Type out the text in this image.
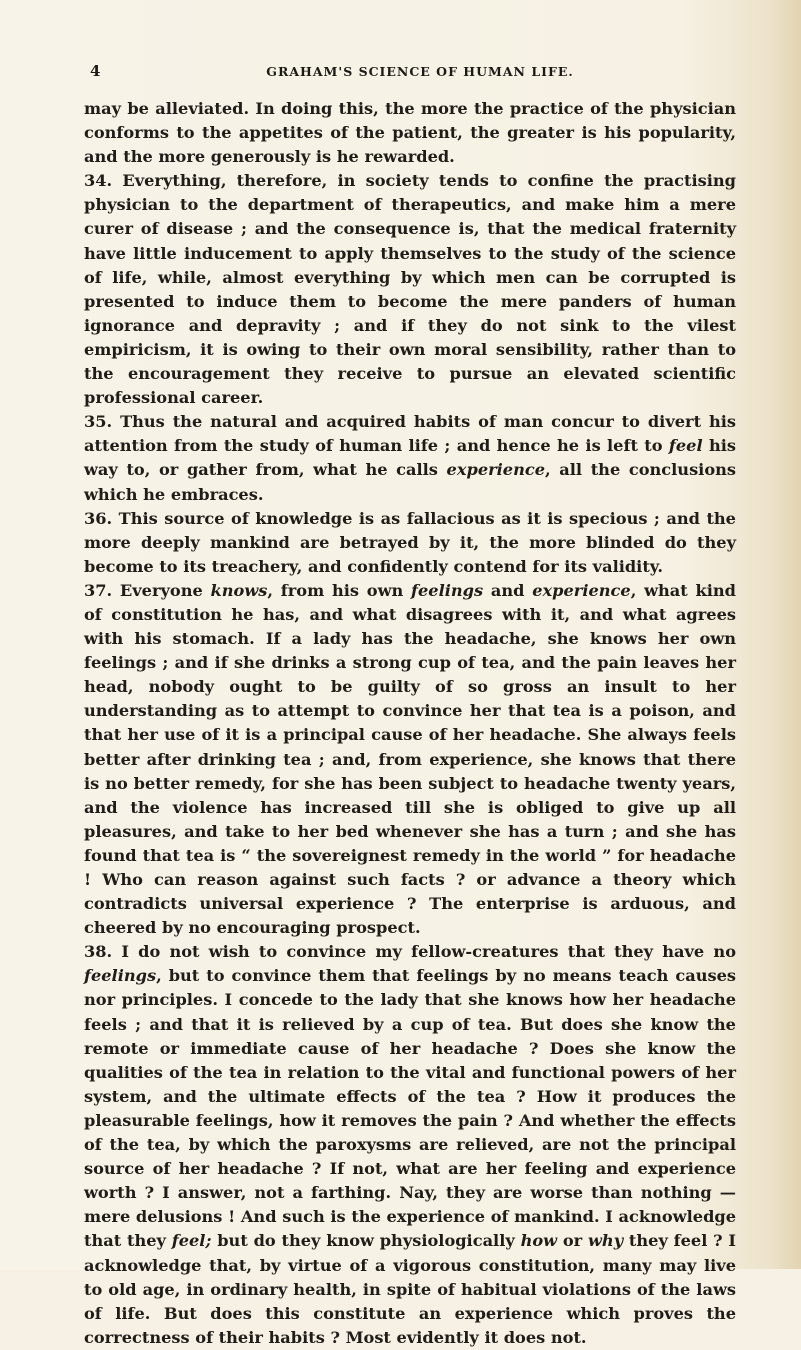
4	GRAHAM'S SCIENCE OF HUMAN LIFE.

may be alleviated. In doing this, the more the practice of the physician conforms to the appetites of the patient, the greater is his popularity, and the more generously is he rewarded.

34. Everything, therefore, in society tends to confine the practising physician to the department of therapeutics, and make him a mere curer of disease ; and the consequence is, that the medical fraternity have little inducement to apply themselves to the study of the science of life, while, almost everything by which men can be corrupted is presented to induce them to become the mere panders of human ignorance and depravity ; and if they do not sink to the vilest empiricism, it is owing to their own moral sensibility, rather than to the encouragement they receive to pursue an elevated scientific professional career.

35. Thus the natural and acquired habits of man concur to divert his attention from the study of human life ; and hence he is left to feel his way to, or gather from, what he calls experience, all the conclusions which he embraces.

36. This source of knowledge is as fallacious as it is specious ; and the more deeply mankind are betrayed by it, the more blinded do they become to its treachery, and confidently contend for its validity.

37. Everyone knows, from his own feelings and experience, what kind of constitution he has, and what disagrees with it, and what agrees with his stomach. If a lady has the headache, she knows her own feelings ; and if she drinks a strong cup of tea, and the pain leaves her head, nobody ought to be guilty of so gross an insult to her understanding as to attempt to convince her that tea is a poison, and that her use of it is a principal cause of her headache. She always feels better after drinking tea ; and, from experience, she knows that there is no better remedy, for she has been subject to headache twenty years, and the violence has increased till she is obliged to give up all pleasures, and take to her bed whenever she has a turn ; and she has found that tea is “ the sovereignest remedy in the world ” for headache ! Who can reason against such facts ? or advance a theory which contradicts universal experience ? The enterprise is arduous, and cheered by no encouraging prospect.

38. I do not wish to convince my fellow-creatures that they have no feelings, but to convince them that feelings by no means teach causes nor principles. I concede to the lady that she knows how her headache feels ; and that it is relieved by a cup of tea. But does she know the remote or immediate cause of her headache ? Does she know the qualities of the tea in relation to the vital and functional powers of her system, and the ultimate effects of the tea ? How it produces the pleasurable feelings, how it removes the pain ? And whether the effects of the tea, by which the paroxysms are relieved, are not the principal source of her headache ? If not, what are her feeling and experience worth ? I answer, not a farthing. Nay, they are worse than nothing — mere delusions ! And such is the experience of mankind. I acknowledge that they feel; but do they know physiologically how or why they feel ? I acknowledge that, by virtue of a vigorous constitution, many may live to old age, in ordinary health, in spite of habitual violations of the laws of life. But does this constitute an experience which proves the correctness of their habits ? Most evidently it does not.
